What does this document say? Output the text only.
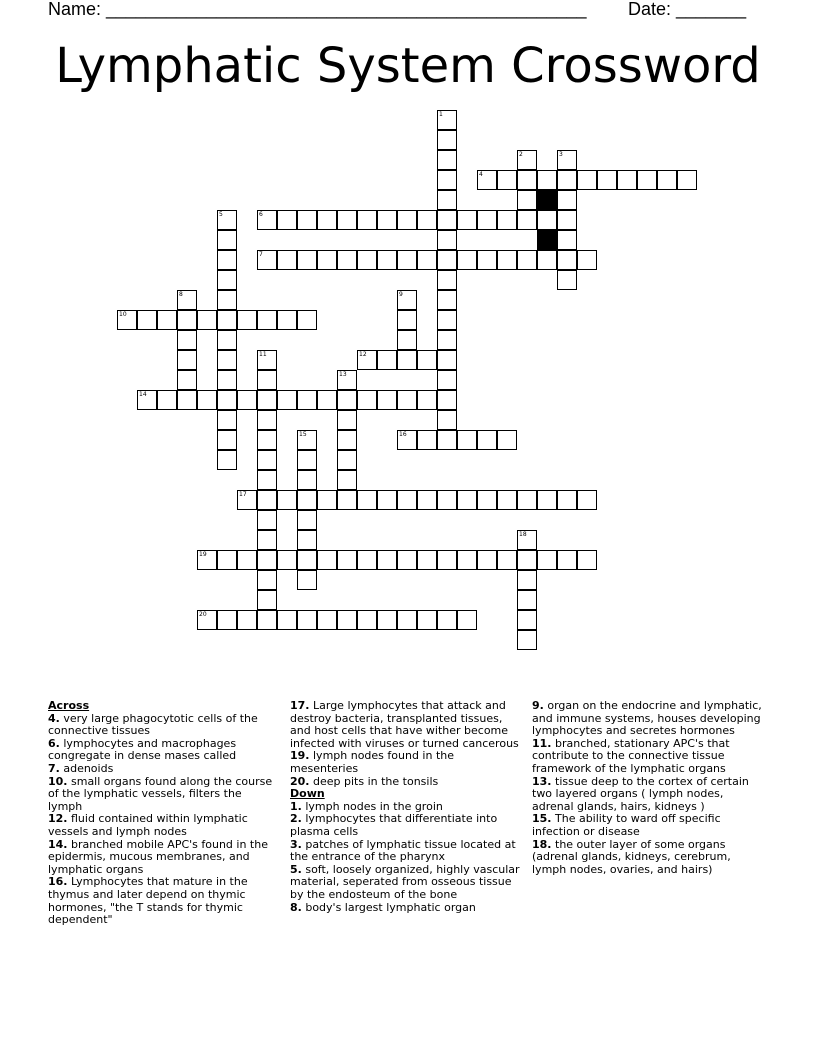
Name: ________________________________________________ Date: _______
Lymphatic System Crossword
1
2	3
4
5	6
7
8	9
10
11	12
13
14
15	16
17
18
19
20
Across
4. very large phagocytotic cells of the connective tissues
6. lymphocytes and macrophages congregate in dense mases called
7. adenoids
10. small organs found along the course of the lymphatic vessels, filters the lymph
12. fluid contained within lymphatic vessels and lymph nodes
14. branched mobile APC's found in the epidermis, mucous membranes, and lymphatic organs
16. Lymphocytes that mature in the thymus and later depend on thymic hormones, "the T stands for thymic dependent"
17. Large lymphocytes that attack and destroy bacteria, transplanted tissues, and host cells that have wither become infected with viruses or turned cancerous
19. lymph nodes found in the mesenteries
20. deep pits in the tonsils
Down
1. lymph nodes in the groin
2. lymphocytes that differentiate into plasma cells
3. patches of lymphatic tissue located at the entrance of the pharynx
5. soft, loosely organized, highly vascular material, seperated from osseous tissue by the endosteum of the bone
8. body's largest lymphatic organ
9. organ on the endocrine and lymphatic, and immune systems, houses developing lymphocytes and secretes hormones
11. branched, stationary APC's that contribute to the connective tissue framework of the lymphatic organs
13. tissue deep to the cortex of certain two layered organs ( lymph nodes, adrenal glands, hairs, kidneys )
15. The ability to ward off specific infection or disease
18. the outer layer of some organs (adrenal glands, kidneys, cerebrum, lymph nodes, ovaries, and hairs)
